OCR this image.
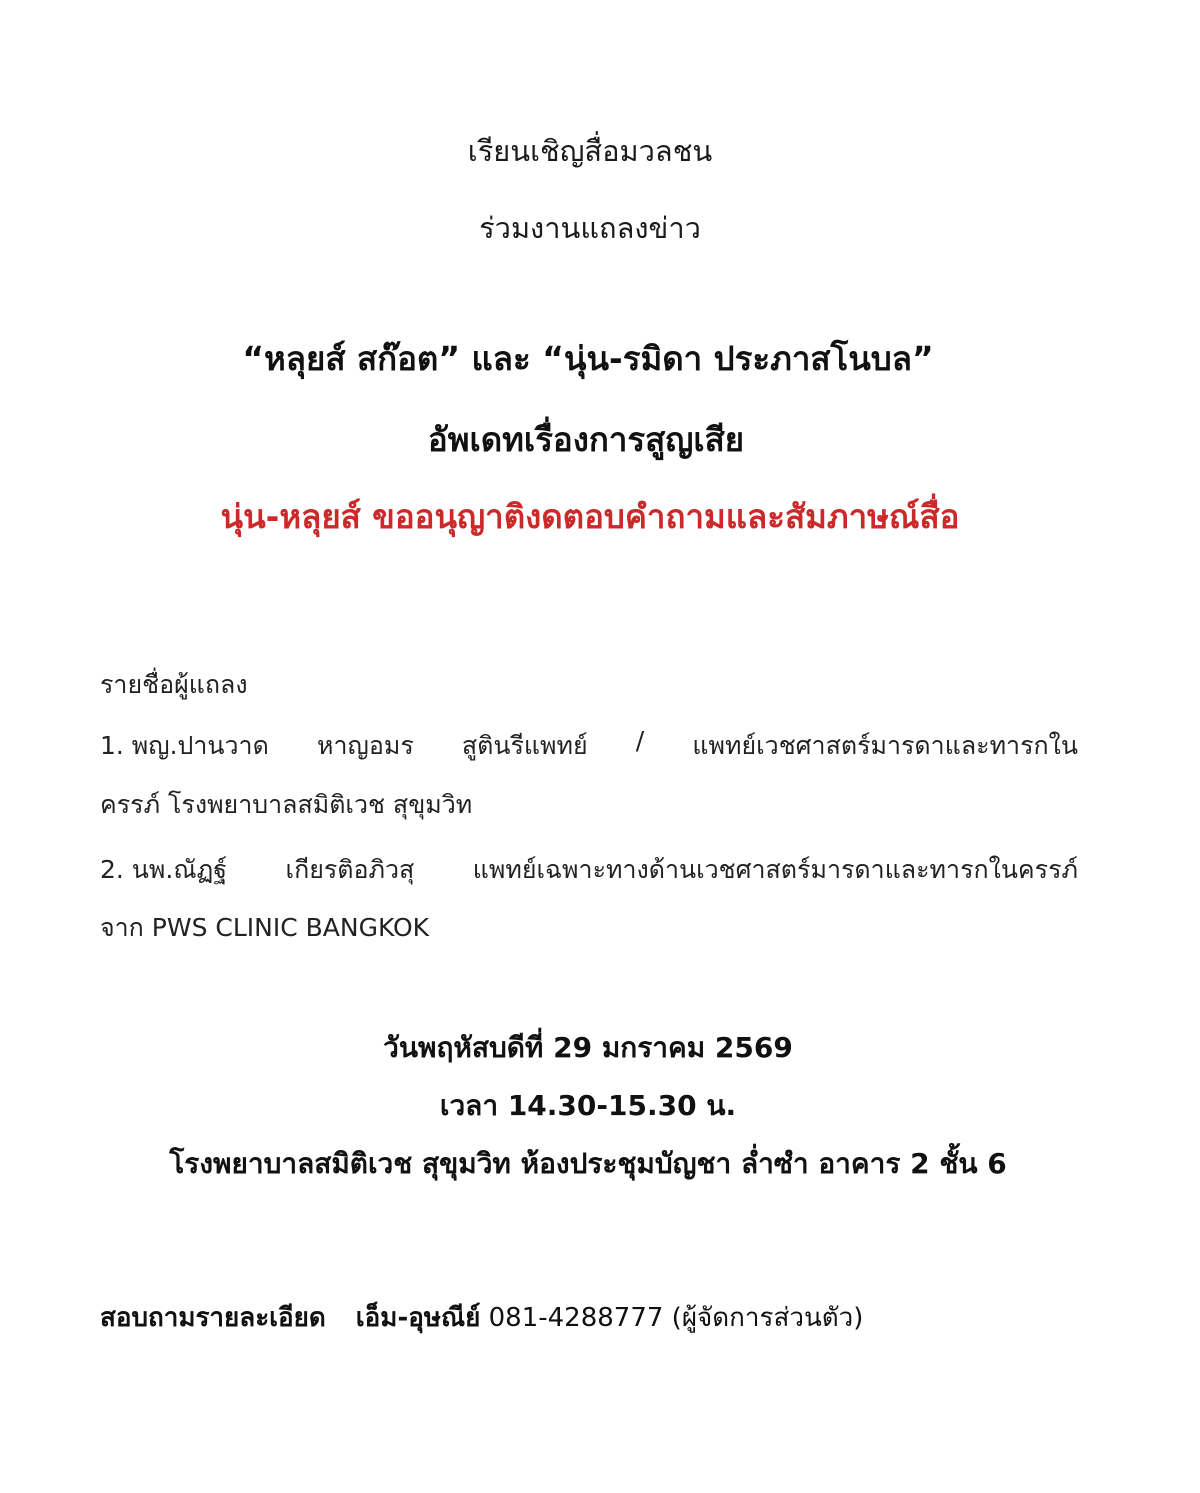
เรียนเชิญสื่อมวลชน
ร่วมงานแถลงข่าว
“หลุยส์ สก๊อต” และ “นุ่น-รมิดา ประภาสโนบล”
อัพเดทเรื่องการสูญเสีย
นุ่น-หลุยส์ ขออนุญาติงดตอบคำถามและสัมภาษณ์สื่อ
รายชื่อผู้แถลง
1. พญ.ปานวาด หาญอมร สูตินรีแพทย์ / แพทย์เวชศาสตร์มารดาและทารกใน
ครรภ์ โรงพยาบาลสมิติเวช สุขุมวิท
2. นพ.ณัฏฐ์ เกียรติอภิวสุ แพทย์เฉพาะทางด้านเวชศาสตร์มารดาและทารกในครรภ์
จาก PWS CLINIC BANGKOK
วันพฤหัสบดีที่ 29 มกราคม 2569
เวลา 14.30-15.30 น.
โรงพยาบาลสมิติเวช สุขุมวิท ห้องประชุมบัญชา ล่ำซำ อาคาร 2 ชั้น 6
สอบถามรายละเอียด เอ็ม-อุษณีย์ 081-4288777 (ผู้จัดการส่วนตัว)
